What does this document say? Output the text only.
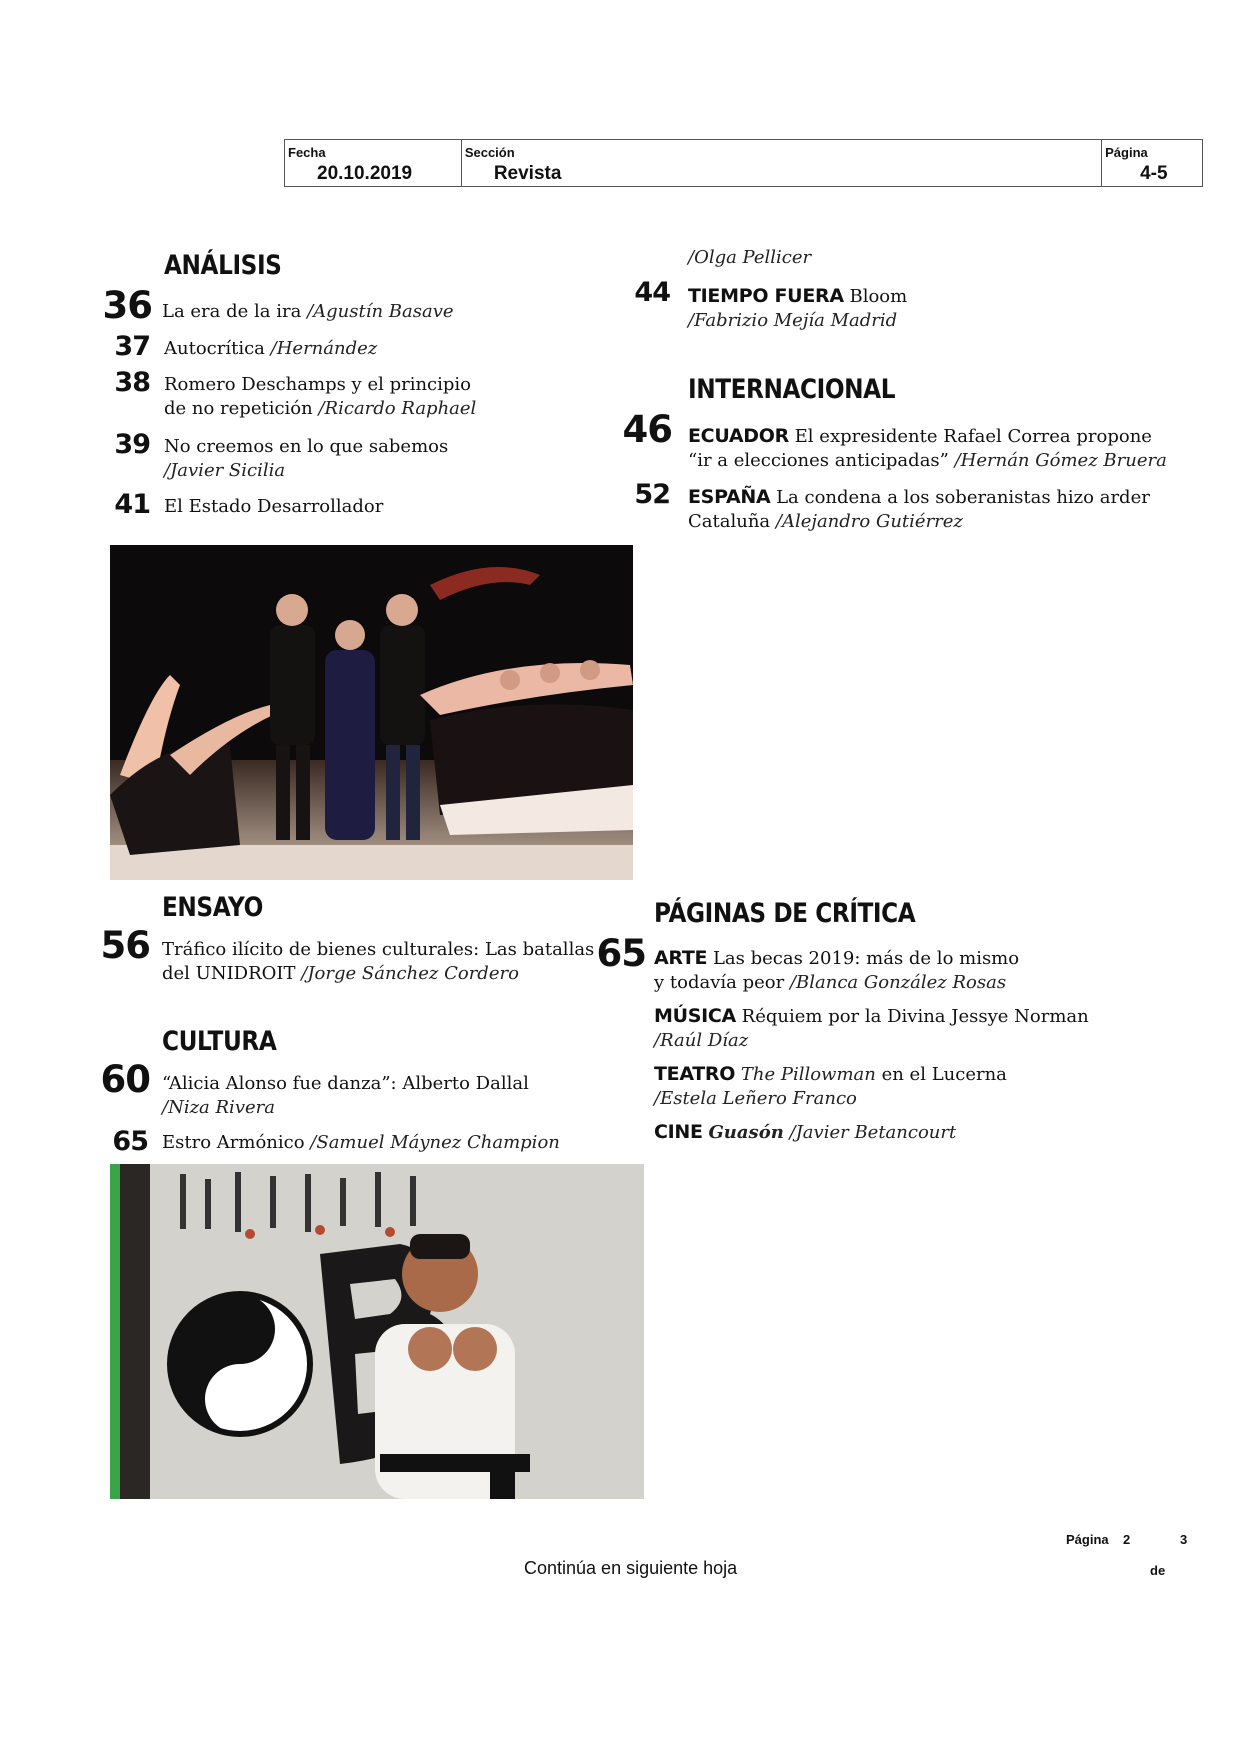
Fecha
20.10.2019
Sección
Revista
Página
4-5
ANÁLISIS
36 La era de la ira /Agustín Basave
37 Autocrítica /Hernández
38 Romero Deschamps y el principio
de no repetición /Ricardo Raphael
39 No creemos en lo que sabemos
/Javier Sicilia
41 El Estado Desarrollador
/Olga Pellicer
44 TIEMPO FUERA Bloom
/Fabrizio Mejía Madrid
INTERNACIONAL
46 ECUADOR El expresidente Rafael Correa propone
“ir a elecciones anticipadas” /Hernán Gómez Bruera
52 ESPAÑA La condena a los soberanistas hizo arder
Cataluña /Alejandro Gutiérrez
ENSAYO
56 Tráfico ilícito de bienes culturales: Las batallas
del UNIDROIT /Jorge Sánchez Cordero
CULTURA
60 “Alicia Alonso fue danza”: Alberto Dallal
/Niza Rivera
65 Estro Armónico /Samuel Máynez Champion
PÁGINAS DE CRÍTICA
65 ARTE Las becas 2019: más de lo mismo
y todavía peor /Blanca González Rosas
MÚSICA Réquiem por la Divina Jessye Norman
/Raúl Díaz
TEATRO The Pillowman en el Lucerna
/Estela Leñero Franco
CINE Guasón /Javier Betancourt
Página 2	3
de
Continúa en siguiente hoja
